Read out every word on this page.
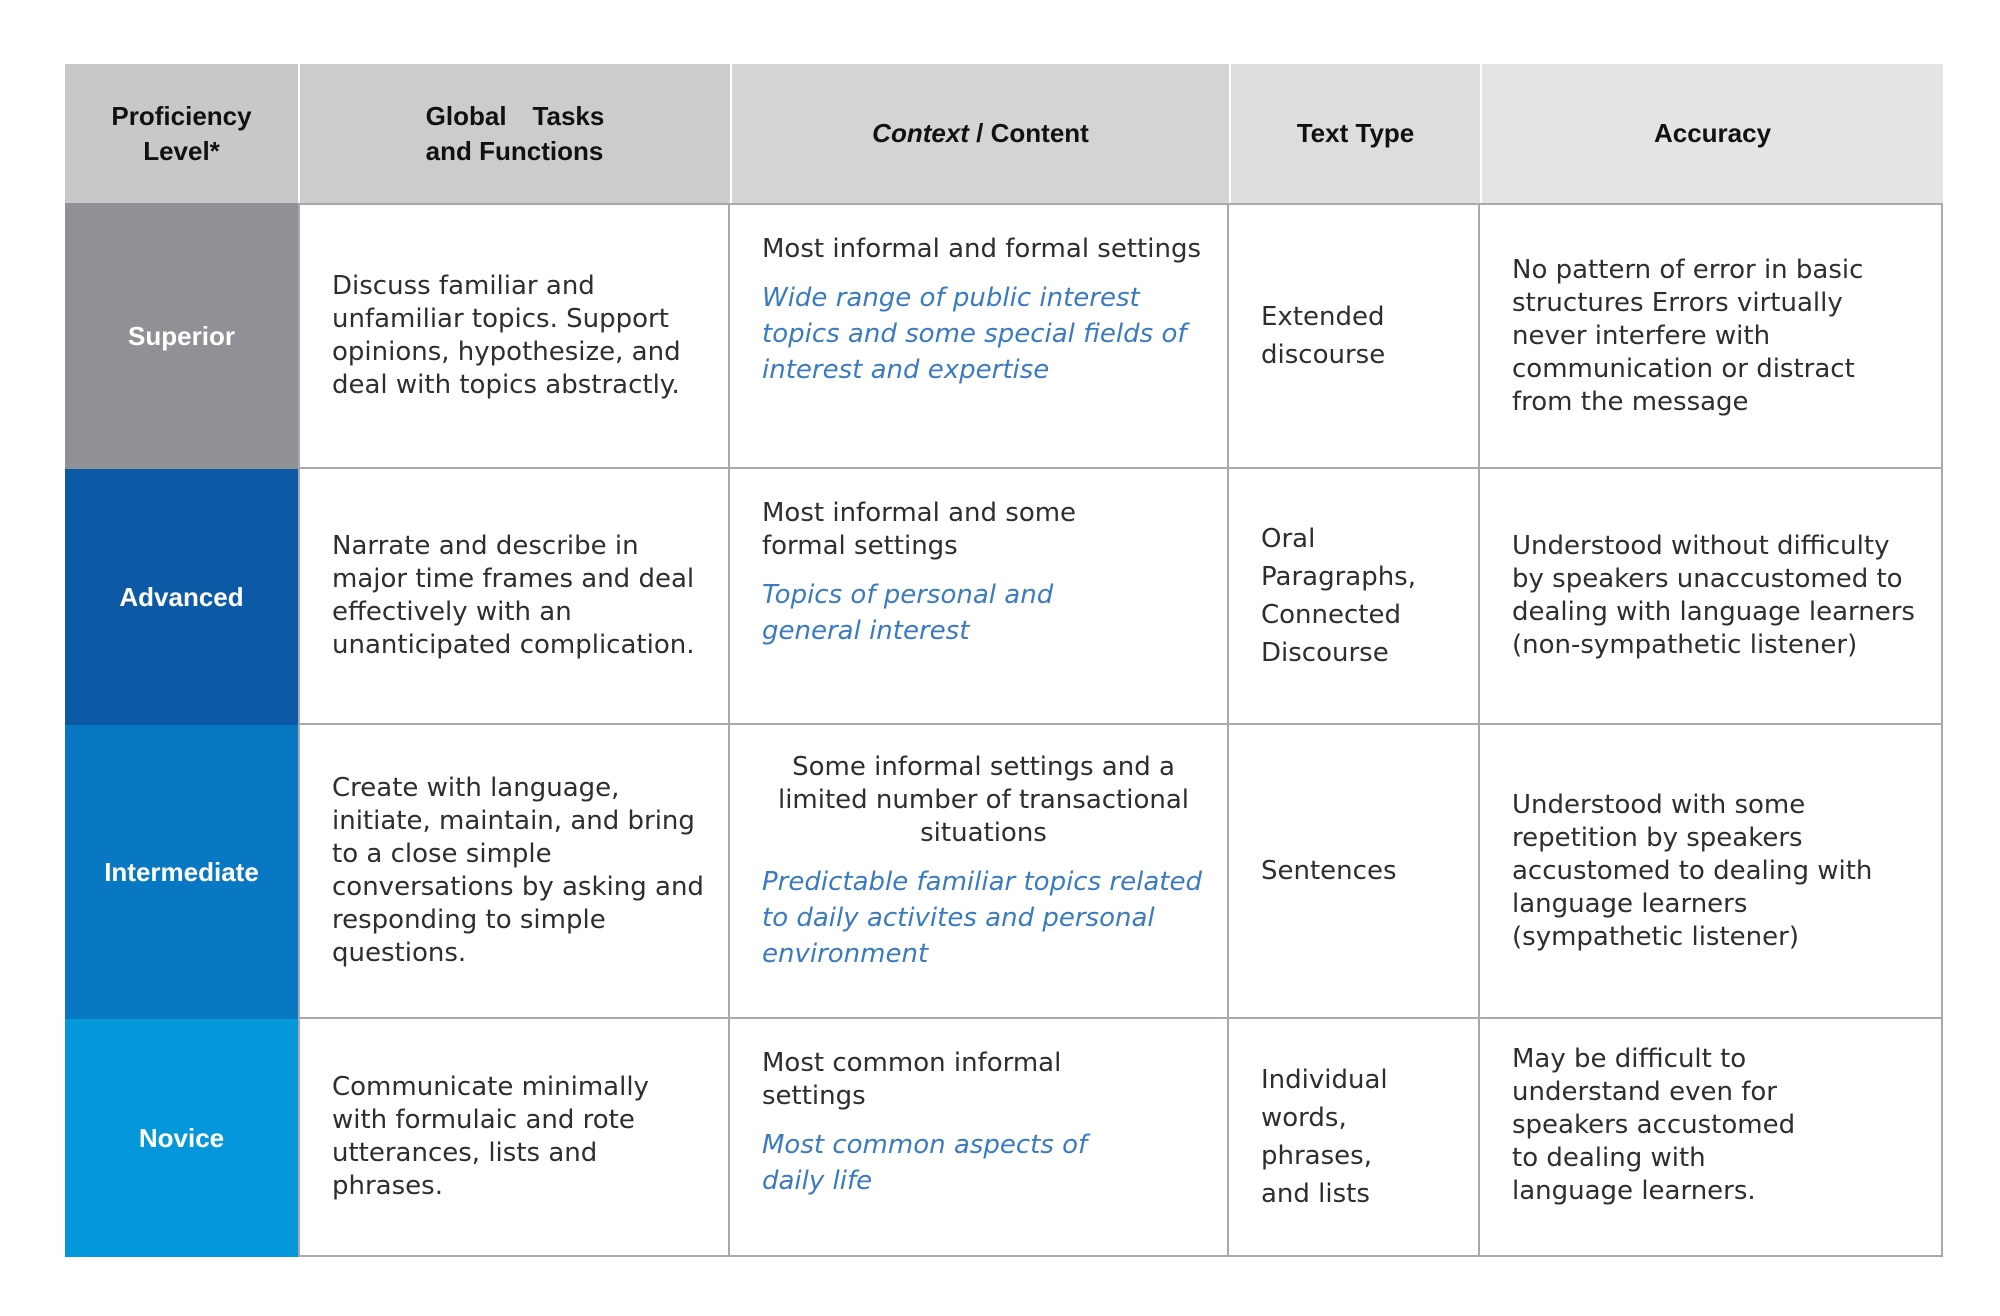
Proficiency
Level*
Global Tasks
and Functions
Context / Content	Text Type	Accuracy
Superior

Discuss familiar and unfamiliar topics. Support opinions, hypothesize, and deal with topics abstractly.

Most informal and formal settings

Wide range of public interest topics and some special fields of interest and expertise

Extended discourse

No pattern of error in basic structures Errors virtually never interfere with communication or distract from the message

Advanced

Narrate and describe in major time frames and deal effectively with an unanticipated complication.

Most informal and some formal settings

Topics of personal and general interest

Oral Paragraphs, Connected Discourse

Understood without difficulty by speakers unaccustomed to dealing with language learners

(non-sympathetic listener)

Intermediate

Create with language, initiate, maintain, and bring to a close simple conversations by asking and responding to simple questions.

Some informal settings and a limited number of transactional situations

Predictable familiar topics related to daily activites and personal environment

Sentences

Understood with some repetition by speakers accustomed to dealing with language learners

(sympathetic listener)

Novice

Communicate minimally with formulaic and rote utterances, lists and phrases.

Most common informal settings

Most common aspects of daily life

Individual words, phrases, and lists

May be difficult to understand even for speakers accustomed to dealing with language learners.
